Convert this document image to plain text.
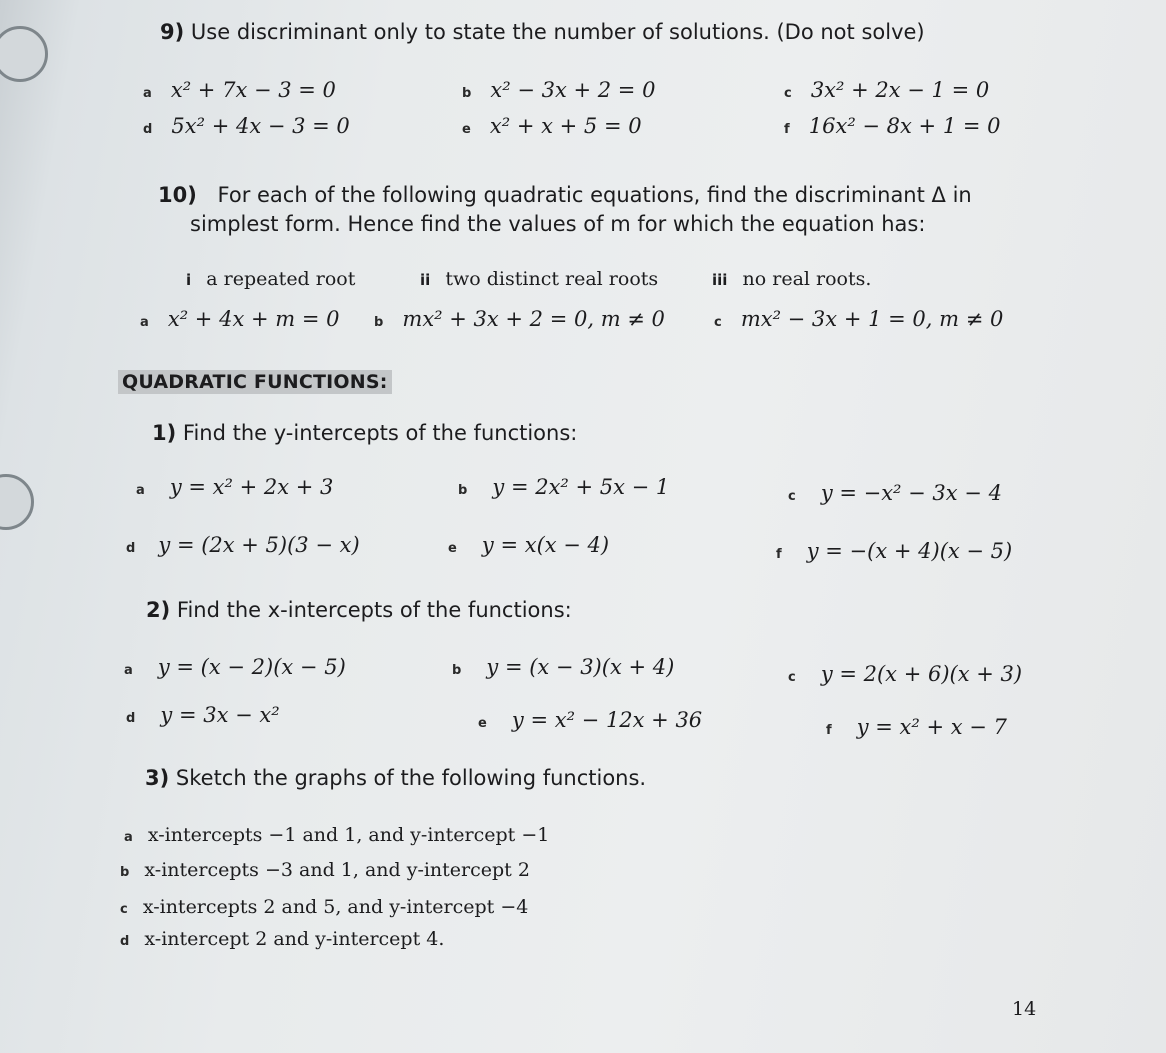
9) Use discriminant only to state the number of solutions. (Do not solve)
a x² + 7x − 3 = 0	b x² − 3x + 2 = 0	c 3x² + 2x − 1 = 0
d 5x² + 4x − 3 = 0	e x² + x + 5 = 0	f 16x² − 8x + 1 = 0
10) For each of the following quadratic equations, find the discriminant Δ in
simplest form. Hence find the values of m for which the equation has:
i a repeated root	ii two distinct real roots	iii no real roots.
a x² + 4x + m = 0	b mx² + 3x + 2 = 0, m ≠ 0	c mx² − 3x + 1 = 0, m ≠ 0
QUADRATIC FUNCTIONS:
1) Find the y-intercepts of the functions:
a y = x² + 2x + 3	b y = 2x² + 5x − 1	c y = −x² − 3x − 4
d y = (2x + 5)(3 − x)	e y = x(x − 4)	f y = −(x + 4)(x − 5)
2) Find the x-intercepts of the functions:
a y = (x − 2)(x − 5)	b y = (x − 3)(x + 4)	c y = 2(x + 6)(x + 3)
d y = 3x − x²	e y = x² − 12x + 36	f y = x² + x − 7
3) Sketch the graphs of the following functions.
a x-intercepts −1 and 1, and y-intercept −1
b x-intercepts −3 and 1, and y-intercept 2
c x-intercepts 2 and 5, and y-intercept −4
d x-intercept 2 and y-intercept 4.
14
